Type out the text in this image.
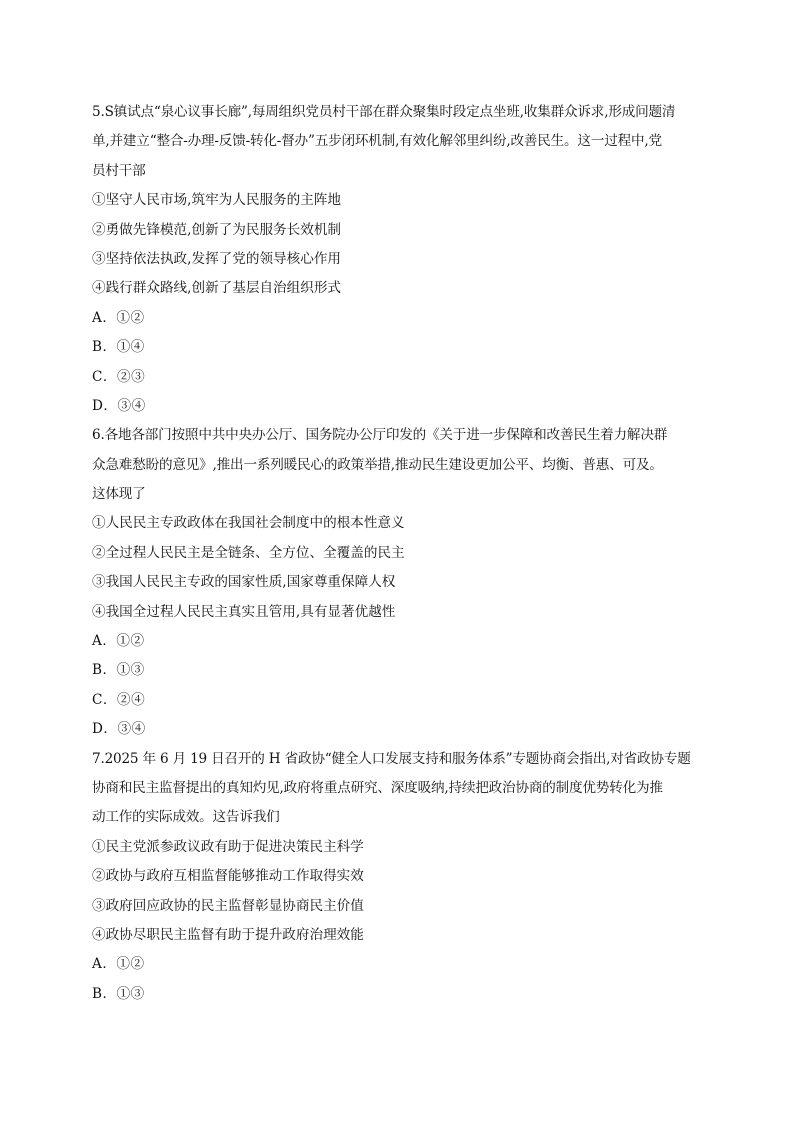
5.S镇试点“泉心议事长廊”,每周组织党员村干部在群众聚集时段定点坐班,收集群众诉求,形成问题清
单,并建立“整合-办理-反馈-转化-督办”五步闭环机制,有效化解邻里纠纷,改善民生。这一过程中,党
员村干部
①坚守人民市场,筑牢为人民服务的主阵地
②勇做先锋模范,创新了为民服务长效机制
③坚持依法执政,发挥了党的领导核心作用
④践行群众路线,创新了基层自治组织形式
A．①②
B．①④
C．②③
D．③④
6.各地各部门按照中共中央办公厅、国务院办公厅印发的《关于进一步保障和改善民生着力解决群
众急难愁盼的意见》,推出一系列暖民心的政策举措,推动民生建设更加公平、均衡、普惠、可及。
这体现了
①人民民主专政政体在我国社会制度中的根本性意义
②全过程人民民主是全链条、全方位、全覆盖的民主
③我国人民民主专政的国家性质,国家尊重保障人权
④我国全过程人民民主真实且管用,具有显著优越性
A．①②
B．①③
C．②④
D．③④
7.2025 年 6 月 19 日召开的 H 省政协“健全人口发展支持和服务体系”专题协商会指出,对省政协专题
协商和民主监督提出的真知灼见,政府将重点研究、深度吸纳,持续把政治协商的制度优势转化为推
动工作的实际成效。这告诉我们
①民主党派参政议政有助于促进决策民主科学
②政协与政府互相监督能够推动工作取得实效
③政府回应政协的民主监督彰显协商民主价值
④政协尽职民主监督有助于提升政府治理效能
A．①②
B．①③
